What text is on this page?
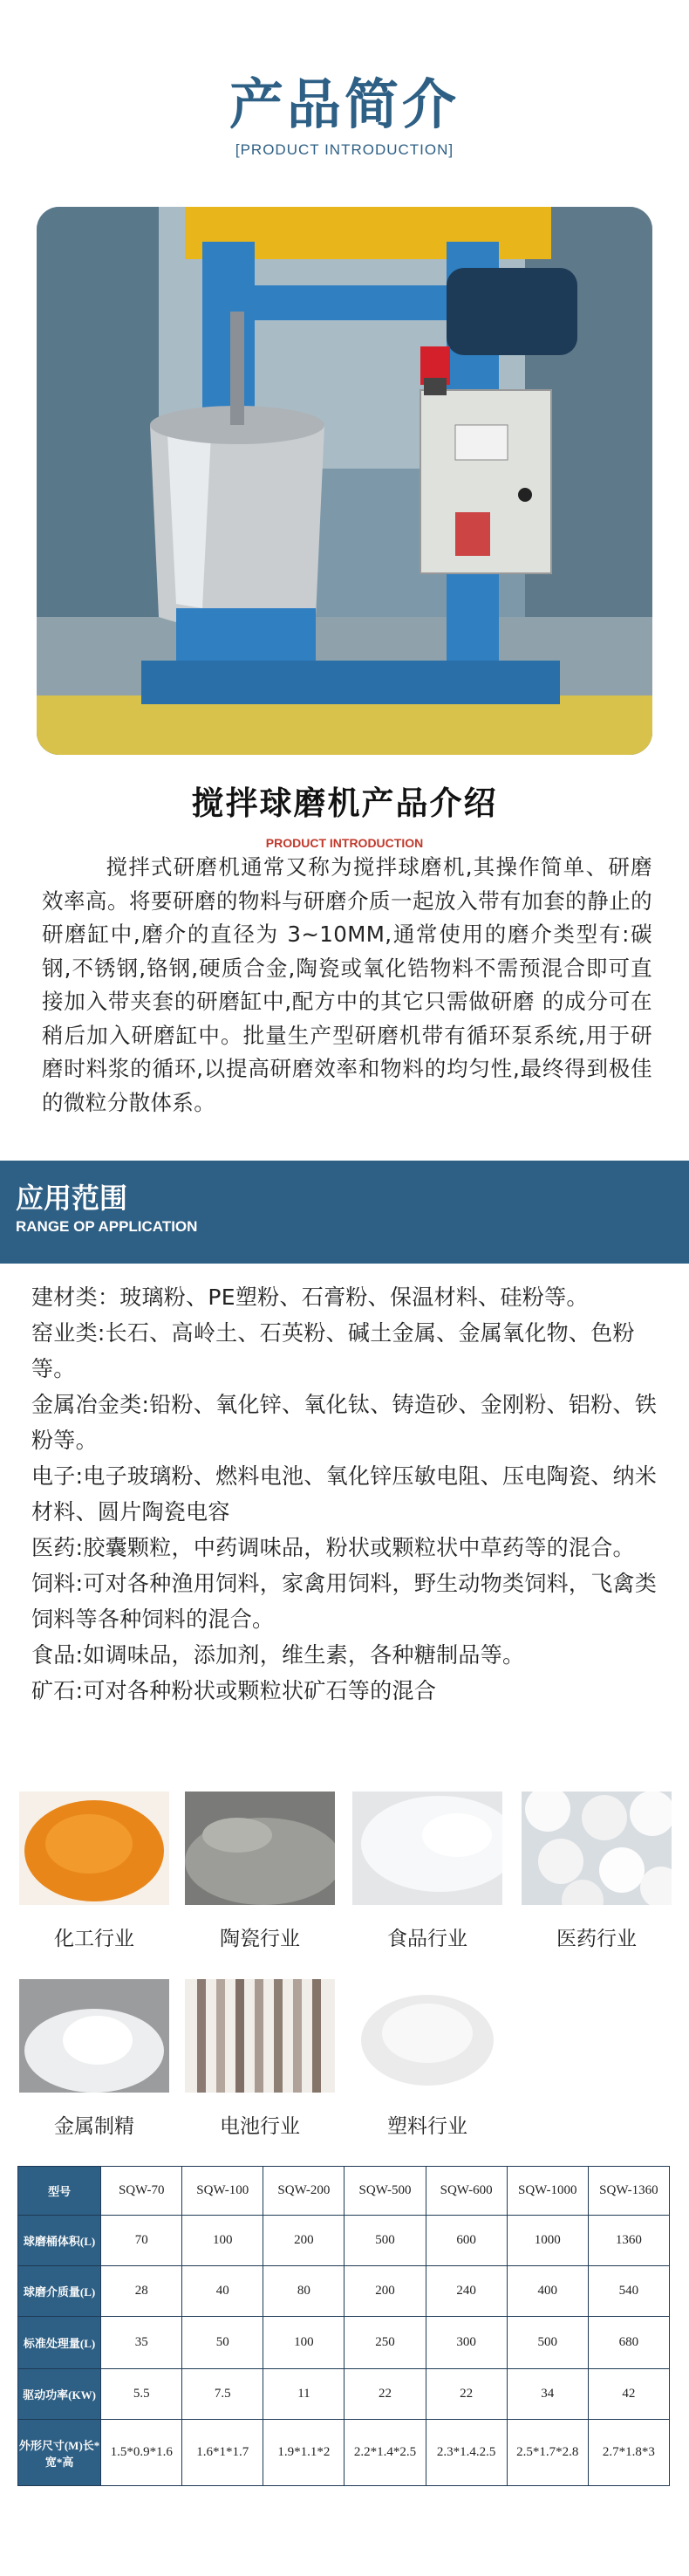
产品简介
[PRODUCT INTRODUCTION]
搅拌球磨机产品介绍
PRODUCT INTRODUCTION
搅拌式研磨机通常又称为搅拌球磨机,其操作简单、研磨效率高。将要研磨的物料与研磨介质一起放入带有加套的静止的研磨缸中,磨介的直径为 3~10MM,通常使用的磨介类型有:碳钢,不锈钢,铬钢,硬质合金,陶瓷或氧化锆物料不需预混合即可直接加入带夹套的研磨缸中,配方中的其它只需做研磨 的成分可在稍后加入研磨缸中。批量生产型研磨机带有循环泵系统,用于研磨时料浆的循环,以提高研磨效率和物料的均匀性,最终得到极佳的微粒分散体系。
应用范围
RANGE OP APPLICATION
建材类：玻璃粉、PE塑粉、石膏粉、保温材料、硅粉等。
窑业类:长石、高岭土、石英粉、碱土金属、金属氧化物、色粉等。
金属冶金类:铅粉、氧化锌、氧化钛、铸造砂、金刚粉、铝粉、铁粉等。
电子:电子玻璃粉、燃料电池、氧化锌压敏电阻、压电陶瓷、纳米材料、圆片陶瓷电容
医药:胶囊颗粒，中药调味品，粉状或颗粒状中草药等的混合。
饲料:可对各种渔用饲料，家禽用饲料，野生动物类饲料，飞禽类饲料等各种饲料的混合。
食品:如调味品，添加剂，维生素，各种糖制品等。
矿石:可对各种粉状或颗粒状矿石等的混合
化工行业	陶瓷行业	食品行业	医药行业
金属制精	电池行业	塑料行业
型号	SQW-70	SQW-100	SQW-200	SQW-500	SQW-600	SQW-1000	SQW-1360
球磨桶体积(L)	70	100	200	500	600	1000	1360
球磨介质量(L)	28	40	80	200	240	400	540
标准处理量(L)	35	50	100	250	300	500	680
驱动功率(KW)	5.5	7.5	11	22	22	34	42
外形尺寸(M)长*宽*高	1.5*0.9*1.6	1.6*1*1.7	1.9*1.1*2	2.2*1.4*2.5	2.3*1.4.2.5	2.5*1.7*2.8	2.7*1.8*3
